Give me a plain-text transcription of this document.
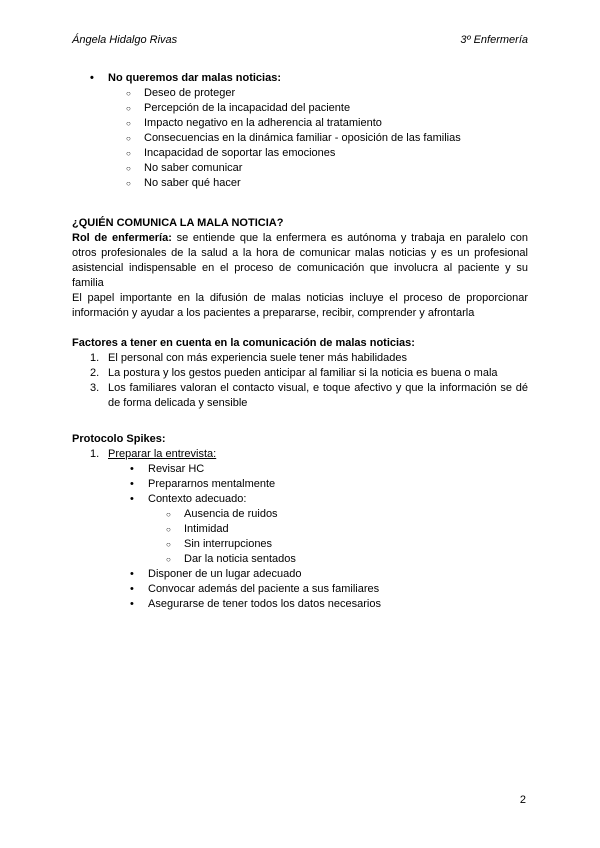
Ángela Hidalgo Rivas	3º Enfermería
•	No queremos dar malas noticias:
○	Deseo de proteger
○	Percepción de la incapacidad del paciente
○	Impacto negativo en la adherencia al tratamiento
○	Consecuencias en la dinámica familiar - oposición de las familias
○	Incapacidad de soportar las emociones
○	No saber comunicar
○	No saber qué hacer
¿QUIÉN COMUNICA LA MALA NOTICIA?

Rol de enfermería: se entiende que la enfermera es autónoma y trabaja en paralelo con otros profesionales de la salud a la hora de comunicar malas noticias y es un profesional asistencial indispensable en el proceso de comunicación que involucra al paciente y su familia

El papel importante en la difusión de malas noticias incluye el proceso de proporcionar información y ayudar a los pacientes a prepararse, recibir, comprender y afrontarla

Factores a tener en cuenta en la comunicación de malas noticias:
1. El personal con más experiencia suele tener más habilidades
2. La postura y los gestos pueden anticipar al familiar si la noticia es buena o mala
3. Los familiares valoran el contacto visual, e toque afectivo y que la información se dé de forma delicada y sensible
Protocolo Spikes:
1. Preparar la entrevista:
•	Revisar HC
•	Prepararnos mentalmente
•	Contexto adecuado:
○	Ausencia de ruidos
○	Intimidad
○	Sin interrupciones
○	Dar la noticia sentados
•	Disponer de un lugar adecuado
•	Convocar además del paciente a sus familiares
•	Asegurarse de tener todos los datos necesarios
2
